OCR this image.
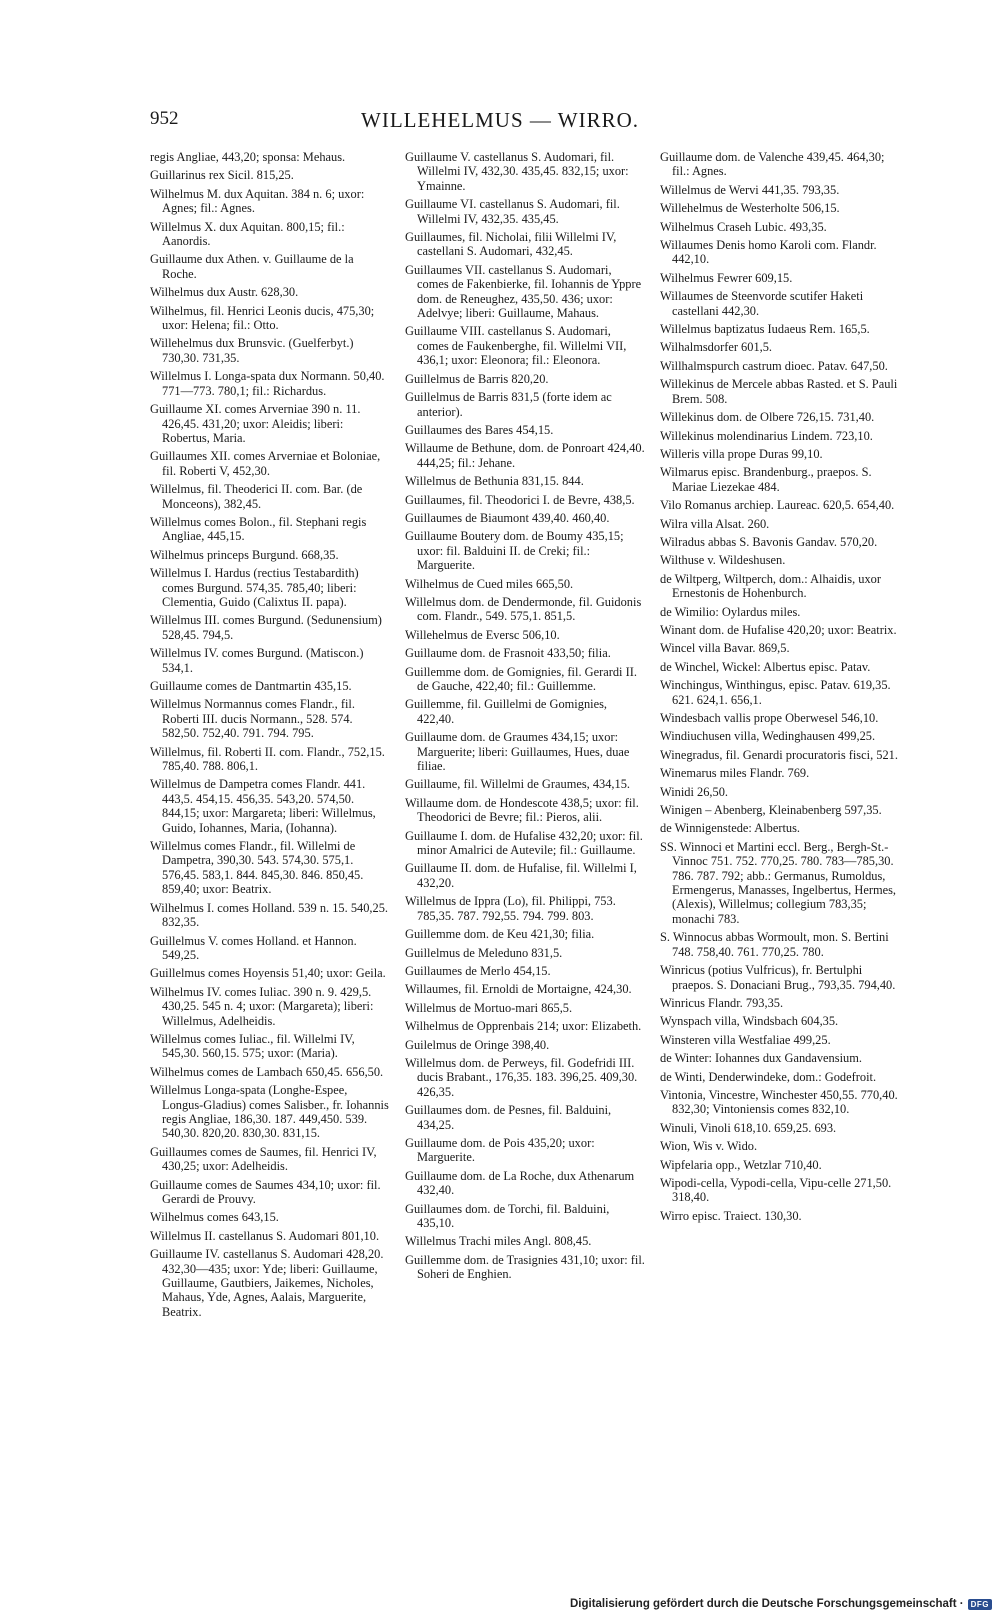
952	WILLEHELMUS — WIRRO.
regis Angliae, 443,20; sponsa: Mehaus.
Guillarinus rex Sicil. 815,25.
Wilhelmus M. dux Aquitan. 384 n. 6; uxor: Agnes; fil.: Agnes.
Willelmus X. dux Aquitan. 800,15; fil.: Aanordis.
Guillaume dux Athen. v. Guillaume de la Roche.
Wilhelmus dux Austr. 628,30.
Wilhelmus, fil. Henrici Leonis ducis, 475,30; uxor: Helena; fil.: Otto.
Willehelmus dux Brunsvic. (Guelferbyt.) 730,30. 731,35.
Willelmus I. Longa-spata dux Normann. 50,40. 771—773. 780,1; fil.: Richardus.
Guillaume XI. comes Arverniae 390 n. 11. 426,45. 431,20; uxor: Aleidis; liberi: Robertus, Maria.
Guillaumes XII. comes Arverniae et Boloniae, fil. Roberti V, 452,30.
Willelmus, fil. Theoderici II. com. Bar. (de Monceons), 382,45.
Willelmus comes Bolon., fil. Stephani regis Angliae, 445,15.
Wilhelmus princeps Burgund. 668,35.
Willelmus I. Hardus (rectius Testabardith) comes Burgund. 574,35. 785,40; liberi: Clementia, Guido (Calixtus II. papa).
Willelmus III. comes Burgund. (Sedunensium) 528,45. 794,5.
Willelmus IV. comes Burgund. (Matiscon.) 534,1.
Guillaume comes de Dantmartin 435,15.
Willelmus Normannus comes Flandr., fil. Roberti III. ducis Normann., 528. 574. 582,50. 752,40. 791. 794. 795.
Willelmus, fil. Roberti II. com. Flandr., 752,15. 785,40. 788. 806,1.
Willelmus de Dampetra comes Flandr. 441. 443,5. 454,15. 456,35. 543,20. 574,50. 844,15; uxor: Margareta; liberi: Willelmus, Guido, Iohannes, Maria, (Iohanna).
Willelmus comes Flandr., fil. Willelmi de Dampetra, 390,30. 543. 574,30. 575,1. 576,45. 583,1. 844. 845,30. 846. 850,45. 859,40; uxor: Beatrix.
Wilhelmus I. comes Holland. 539 n. 15. 540,25. 832,35.
Guillelmus V. comes Holland. et Hannon. 549,25.
Guillelmus comes Hoyensis 51,40; uxor: Geila.
Wilhelmus IV. comes Iuliac. 390 n. 9. 429,5. 430,25. 545 n. 4; uxor: (Margareta); liberi: Willelmus, Adelheidis.
Willelmus comes Iuliac., fil. Willelmi IV, 545,30. 560,15. 575; uxor: (Maria).
Wilhelmus comes de Lambach 650,45. 656,50.
Willelmus Longa-spata (Longhe-Espee, Longus-Gladius) comes Salisber., fr. Iohannis regis Angliae, 186,30. 187. 449,450. 539. 540,30. 820,20. 830,30. 831,15.
Guillaumes comes de Saumes, fil. Henrici IV, 430,25; uxor: Adelheidis.
Guillaume comes de Saumes 434,10; uxor: fil. Gerardi de Prouvy.
Wilhelmus comes 643,15.
Willelmus II. castellanus S. Audomari 801,10.
Guillaume IV. castellanus S. Audomari 428,20. 432,30—435; uxor: Yde; liberi: Guillaume, Guillaume, Gautbiers, Jaikemes, Nicholes, Mahaus, Yde, Agnes, Aalais, Marguerite, Beatrix.
Guillaume V. castellanus S. Audomari, fil. Willelmi IV, 432,30. 435,45. 832,15; uxor: Ymainne.
Guillaume VI. castellanus S. Audomari, fil. Willelmi IV, 432,35. 435,45.
Guillaumes, fil. Nicholai, filii Willelmi IV, castellani S. Audomari, 432,45.
Guillaumes VII. castellanus S. Audomari, comes de Fakenbierke, fil. Iohannis de Yppre dom. de Reneughez, 435,50. 436; uxor: Adelvye; liberi: Guillaume, Mahaus.
Guillaume VIII. castellanus S. Audomari, comes de Faukenberghe, fil. Willelmi VII, 436,1; uxor: Eleonora; fil.: Eleonora.
Guillelmus de Barris 820,20.
Guillelmus de Barris 831,5 (forte idem ac anterior).
Guillaumes des Bares 454,15.
Willaume de Bethune, dom. de Ponroart 424,40. 444,25; fil.: Jehane.
Willelmus de Bethunia 831,15. 844.
Guillaumes, fil. Theodorici I. de Bevre, 438,5.
Guillaumes de Biaumont 439,40. 460,40.
Guillaume Boutery dom. de Boumy 435,15; uxor: fil. Balduini II. de Creki; fil.: Marguerite.
Wilhelmus de Cued miles 665,50.
Willelmus dom. de Dendermonde, fil. Guidonis com. Flandr., 549. 575,1. 851,5.
Willehelmus de Eversc 506,10.
Guillaume dom. de Frasnoit 433,50; filia.
Guillemme dom. de Gomignies, fil. Gerardi II. de Gauche, 422,40; fil.: Guillemme.
Guillemme, fil. Guillelmi de Gomignies, 422,40.
Guillaume dom. de Graumes 434,15; uxor: Marguerite; liberi: Guillaumes, Hues, duae filiae.
Guillaume, fil. Willelmi de Graumes, 434,15.
Willaume dom. de Hondescote 438,5; uxor: fil. Theodorici de Bevre; fil.: Pieros, alii.
Guillaume I. dom. de Hufalise 432,20; uxor: fil. minor Amalrici de Autevile; fil.: Guillaume.
Guillaume II. dom. de Hufalise, fil. Willelmi I, 432,20.
Willelmus de Ippra (Lo), fil. Philippi, 753. 785,35. 787. 792,55. 794. 799. 803.
Guillemme dom. de Keu 421,30; filia.
Guillelmus de Meleduno 831,5.
Guillaumes de Merlo 454,15.
Willaumes, fil. Ernoldi de Mortaigne, 424,30.
Willelmus de Mortuo-mari 865,5.
Wilhelmus de Opprenbais 214; uxor: Elizabeth.
Guilelmus de Oringe 398,40.
Willelmus dom. de Perweys, fil. Godefridi III. ducis Brabant., 176,35. 183. 396,25. 409,30. 426,35.
Guillaumes dom. de Pesnes, fil. Balduini, 434,25.
Guillaume dom. de Pois 435,20; uxor: Marguerite.
Guillaume dom. de La Roche, dux Athenarum 432,40.
Guillaumes dom. de Torchi, fil. Balduini, 435,10.
Willelmus Trachi miles Angl. 808,45.
Guillemme dom. de Trasignies 431,10; uxor: fil. Soheri de Enghien.
Guillaume dom. de Valenche 439,45. 464,30; fil.: Agnes.
Willelmus de Wervi 441,35. 793,35.
Willehelmus de Westerholte 506,15.
Wilhelmus Craseh Lubic. 493,35.
Willaumes Denis homo Karoli com. Flandr. 442,10.
Wilhelmus Fewrer 609,15.
Willaumes de Steenvorde scutifer Haketi castellani 442,30.
Willelmus baptizatus Iudaeus Rem. 165,5.
Wilhalmsdorfer 601,5.
Willhalmspurch castrum dioec. Patav. 647,50.
Willekinus de Mercele abbas Rasted. et S. Pauli Brem. 508.
Willekinus dom. de Olbere 726,15. 731,40.
Willekinus molendinarius Lindem. 723,10.
Willeris villa prope Duras 99,10.
Wilmarus episc. Brandenburg., praepos. S. Mariae Liezekae 484.
Vilo Romanus archiep. Laureac. 620,5. 654,40.
Wilra villa Alsat. 260.
Wilradus abbas S. Bavonis Gandav. 570,20.
Wilthuse v. Wildeshusen.
de Wiltperg, Wiltperch, dom.: Alhaidis, uxor Ernestonis de Hohenburch.
de Wimilio: Oylardus miles.
Winant dom. de Hufalise 420,20; uxor: Beatrix.
Wincel villa Bavar. 869,5.
de Winchel, Wickel: Albertus episc. Patav.
Winchingus, Winthingus, episc. Patav. 619,35. 621. 624,1. 656,1.
Windesbach vallis prope Oberwesel 546,10.
Windiuchusen villa, Wedinghausen 499,25.
Winegradus, fil. Genardi procuratoris fisci, 521.
Winemarus miles Flandr. 769.
Winidi 26,50.
Winigen – Abenberg, Kleinabenberg 597,35.
de Winnigenstede: Albertus.
SS. Winnoci et Martini eccl. Berg., Bergh-St.-Vinnoc 751. 752. 770,25. 780. 783—785,30. 786. 787. 792; abb.: Germanus, Rumoldus, Ermengerus, Manasses, Ingelbertus, Hermes, (Alexis), Willelmus; collegium 783,35; monachi 783.
S. Winnocus abbas Wormoult, mon. S. Bertini 748. 758,40. 761. 770,25. 780.
Winricus (potius Vulfricus), fr. Bertulphi praepos. S. Donaciani Brug., 793,35. 794,40.
Winricus Flandr. 793,35.
Wynspach villa, Windsbach 604,35.
Winsteren villa Westfaliae 499,25.
de Winter: Iohannes dux Gandavensium.
de Winti, Denderwindeke, dom.: Godefroit.
Vintonia, Vincestre, Winchester 450,55. 770,40. 832,30; Vintoniensis comes 832,10.
Winuli, Vinoli 618,10. 659,25. 693.
Wion, Wis v. Wido.
Wipfelaria opp., Wetzlar 710,40.
Wipodi-cella, Vypodi-cella, Vipu-celle 271,50. 318,40.
Wirro episc. Traiect. 130,30.
Digitalisierung gefördert durch die Deutsche Forschungsgemeinschaft · DFG
